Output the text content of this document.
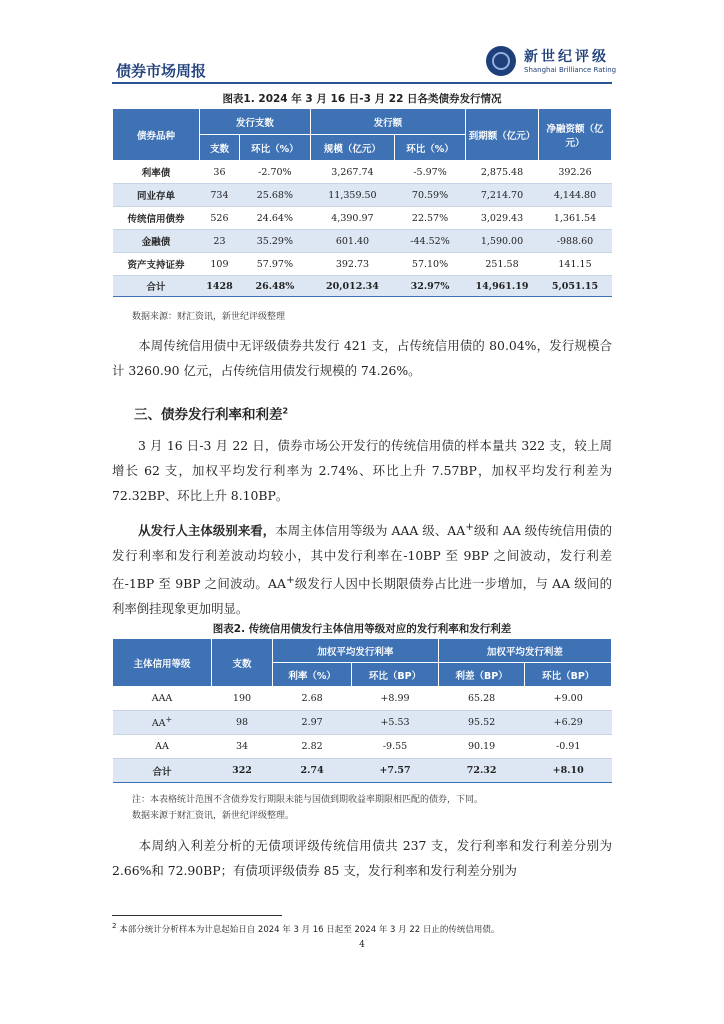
债券市场周报
新世纪评级
Shanghai Brilliance Rating
图表1. 2024 年 3 月 16 日-3 月 22 日各类债券发行情况
债券品种	发行支数		发行额		到期额（亿元）	净融资额（亿元）
	支数	环比（%）	规模（亿元）	环比（%）		
利率债	36	-2.70%	3,267.74	-5.97%	2,875.48	392.26
同业存单	734	25.68%	11,359.50	70.59%	7,214.70	4,144.80
传统信用债券	526	24.64%	4,390.97	22.57%	3,029.43	1,361.54
金融债	23	35.29%	601.40	-44.52%	1,590.00	-988.60
资产支持证券	109	57.97%	392.73	57.10%	251.58	141.15
合计	1428	26.48%	20,012.34	32.97%	14,961.19	5,051.15
数据来源：财汇资讯，新世纪评级整理

本周传统信用债中无评级债券共发行 421 支，占传统信用债的 80.04%，发行规模合计 3260.90 亿元，占传统信用债发行规模的 74.26%。

三、债券发行利率和利差$^2$

3 月 16 日-3 月 22 日，债券市场公开发行的传统信用债的样本量共 322 支，较上周增长 62 支，加权平均发行利率为 2.74%、环比上升 7.57BP，加权平均发行利差为 72.32BP、环比上升 8.10BP。

从发行人主体级别来看，本周主体信用等级为 AAA 级、AA+级和 AA 级传统信用债的发行利率和发行利差波动均较小，其中发行利率在-10BP 至 9BP 之间波动，发行利差在-1BP 至 9BP 之间波动。AA+级发行人因中长期限债券占比进一步增加，与 AA 级间的利率倒挂现象更加明显。

图表2. 传统信用债发行主体信用等级对应的发行利率和发行利差
主体信用等级	支数	加权平均发行利率		加权平均发行利差	
		利率（%）	环比（BP）	利差（BP）	环比（BP）
AAA	190	2.68	+8.99	65.28	+9.00
AA+	98	2.97	+5.53	95.52	+6.29
AA	34	2.82	-9.55	90.19	-0.91
合计	322	2.74	+7.57	72.32	+8.10
注：本表格统计范围不含债券发行期限未能与国债到期收益率期限相匹配的债券，下同。
数据来源于财汇资讯，新世纪评级整理。

本周纳入利差分析的无债项评级传统信用债共 237 支，发行利率和发行利差分别为 2.66%和 72.90BP；有债项评级债券 85 支，发行利率和发行利差分别为

$^2$ 本部分统计分析样本为计息起始日自 2024 年 3 月 16 日起至 2024 年 3 月 22 日止的传统信用债。
4
